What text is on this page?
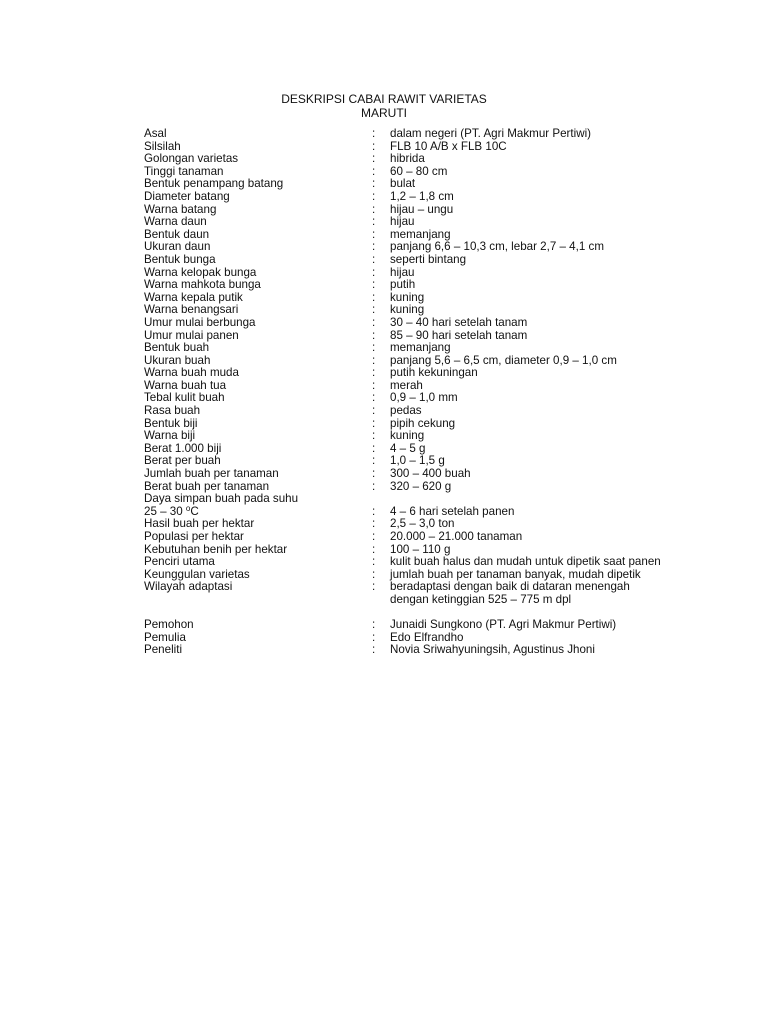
DESKRIPSI CABAI RAWIT VARIETAS
MARUTI
Asal	:	dalam negeri (PT. Agri Makmur Pertiwi)
Silsilah	:	FLB 10 A/B x FLB 10C
Golongan varietas	:	hibrida
Tinggi tanaman	:	60 – 80 cm
Bentuk penampang batang	:	bulat
Diameter batang	:	1,2 – 1,8 cm
Warna batang	:	hijau – ungu
Warna daun	:	hijau
Bentuk daun	:	memanjang
Ukuran daun	:	panjang 6,6 – 10,3 cm, lebar 2,7 – 4,1 cm
Bentuk bunga	:	seperti bintang
Warna kelopak bunga	:	hijau
Warna mahkota bunga	:	putih
Warna kepala putik	:	kuning
Warna benangsari	:	kuning
Umur mulai berbunga	:	30 – 40 hari setelah tanam
Umur mulai panen	:	85 – 90 hari setelah tanam
Bentuk buah	:	memanjang
Ukuran buah	:	panjang 5,6 – 6,5 cm, diameter 0,9 – 1,0 cm
Warna buah muda	:	putih kekuningan
Warna buah tua	:	merah
Tebal kulit buah	:	0,9 – 1,0 mm
Rasa buah	:	pedas
Bentuk biji	:	pipih cekung
Warna biji	:	kuning
Berat 1.000 biji	:	4 – 5 g
Berat per buah	:	1,0 – 1,5 g
Jumlah buah per tanaman	:	300 – 400 buah
Berat buah per tanaman	:	320 – 620 g
Daya simpan buah pada suhu
25 – 30 $^o$C	:	4 – 6 hari setelah panen
Hasil buah per hektar	:	2,5 – 3,0 ton
Populasi per hektar	:	20.000 – 21.000 tanaman
Kebutuhan benih per hektar	:	100 – 110 g
Penciri utama	:	kulit buah halus dan mudah untuk dipetik saat panen
Keunggulan varietas	:	jumlah buah per tanaman banyak, mudah dipetik
Wilayah adaptasi	:	beradaptasi dengan baik di dataran menengah
dengan ketinggian 525 – 775 m dpl
Pemohon	:	Junaidi Sungkono (PT. Agri Makmur Pertiwi)
Pemulia	:	Edo Elfrandho
Peneliti	:	Novia Sriwahyuningsih, Agustinus Jhoni
